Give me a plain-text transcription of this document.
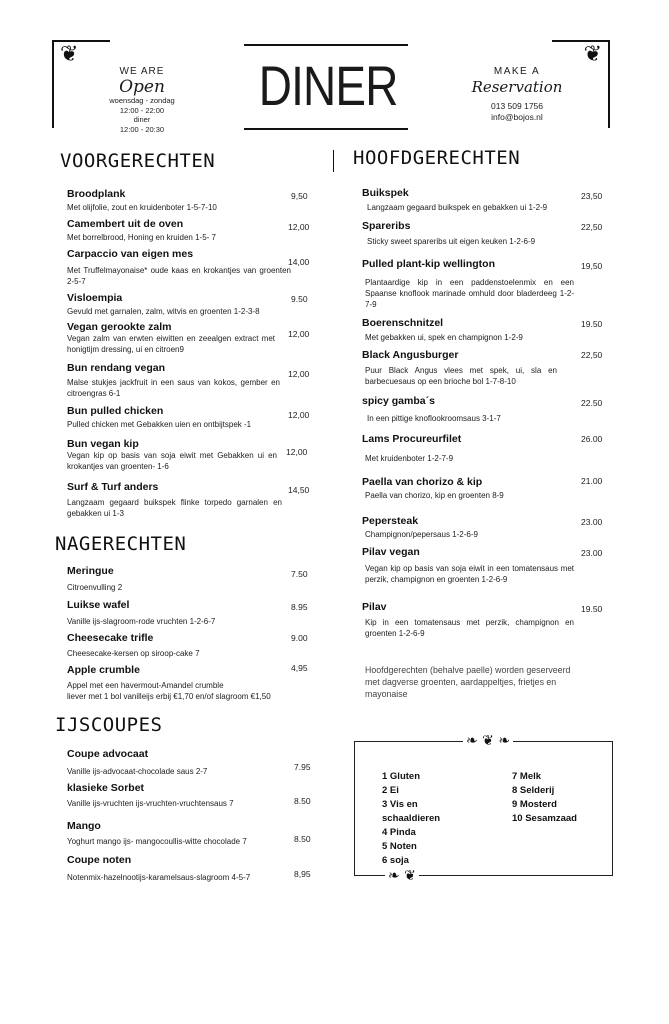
❦	❦
WE ARE
Open
woensdag - zondag
12:00 - 22:00
diner
12:00 - 20:30
DINER	MAKE A
Reservation
013 509 1756
info@bojos.nl
VOORGERECHTEN
Broodplank
Met olijfolie, zout en kruidenboter 1-5-7-10
9,50
Camembert uit de oven
Met borrelbrood, Honing en kruiden 1-5- 7
12,00
Carpaccio van eigen mes
Met Truffelmayonaise* oude kaas en krokantjes van groenten 2-5-7
14,00
Visloempia
Gevuld met garnalen, zalm, witvis en groenten 1-2-3-8
9.50
Vegan gerookte zalm
Vegan zalm van erwten eiwitten en zeealgen extract met honigtijm dressing, ui en citroen9
12,00
Bun rendang vegan
Malse stukjes jackfruit in een saus van kokos, gember en citroengras 6-1
12,00
Bun pulled chicken
Pulled chicken met Gebakken uien en ontbijtspek -1
12,00
Bun vegan kip
Vegan kip op basis van soja eiwit met Gebakken ui en krokantjes van groenten- 1-6
12,00
Surf & Turf anders
Langzaam gegaard buikspek flinke torpedo garnalen en gebakken ui 1-3
14,50
NAGERECHTEN
Meringue
Citroenvulling 2
7.50
Luikse wafel
Vanille ijs-slagroom-rode vruchten 1-2-6-7
8.95
Cheesecake trifle
Cheesecake-kersen op siroop-cake 7
9.00
Apple crumble
Appel met een havermout-Amandel crumble
liever met 1 bol vanilleijs erbij €1,70 en/of slagroom €1,50
4,95
IJSCOUPES
Coupe advocaat
Vanille ijs-advocaat-chocolade saus 2-7	7.95
klasieke Sorbet
Vanille ijs-vruchten ijs-vruchten-vruchtensaus 7	8.50
Mango
Yoghurt mango ijs- mangocoullis-witte chocolade 7	8.50
Coupe noten
Notenmix-hazelnootijs-karamelsaus-slagroom 4-5-7	8,95
HOOFDGERECHTEN
Buikspek
Langzaam gegaard buikspek en gebakken ui 1-2-9
23,50
Spareribs
Sticky sweet spareribs uit eigen keuken 1-2-6-9
22,50
Pulled plant-kip wellington
Plantaardige kip in een paddenstoelenmix en een Spaanse knoflook marinade omhuld door bladerdeeg 1-2-7-9
19,50
Boerenschnitzel
Met gebakken ui, spek en champignon 1-2-9
19.50
Black Angusburger
Puur Black Angus vlees met spek, ui, sla en barbecuesaus op een brioche bol 1-7-8-10
22,50
spicy gamba´s
In een pittige knoflookroomsaus 3-1-7
22.50
Lams Procureurfilet
Met kruidenboter 1-2-7-9
26.00
Paella van chorizo & kip
Paella van chorizo, kip en groenten 8-9
21.00
Pepersteak
Champignon/pepersaus 1-2-6-9
23.00
Pilav vegan
Vegan kip op basis van soja eiwit in een tomatensaus met perzik, champignon en groenten 1-2-6-9
23.00
Pilav
Kip in een tomatensaus met perzik, champignon en groenten 1-2-6-9
19.50
Hoofdgerechten (behalve paelle) worden geserveerd met dagverse groenten, aardappeltjes, frietjes en mayonaise
❧ ❦ ❧
❧ ❦
1 Gluten
2 Ei
3 Vis en
schaaldieren
4 Pinda
5 Noten
6 soja
7 Melk
8 Selderij
9 Mosterd
10 Sesamzaad
